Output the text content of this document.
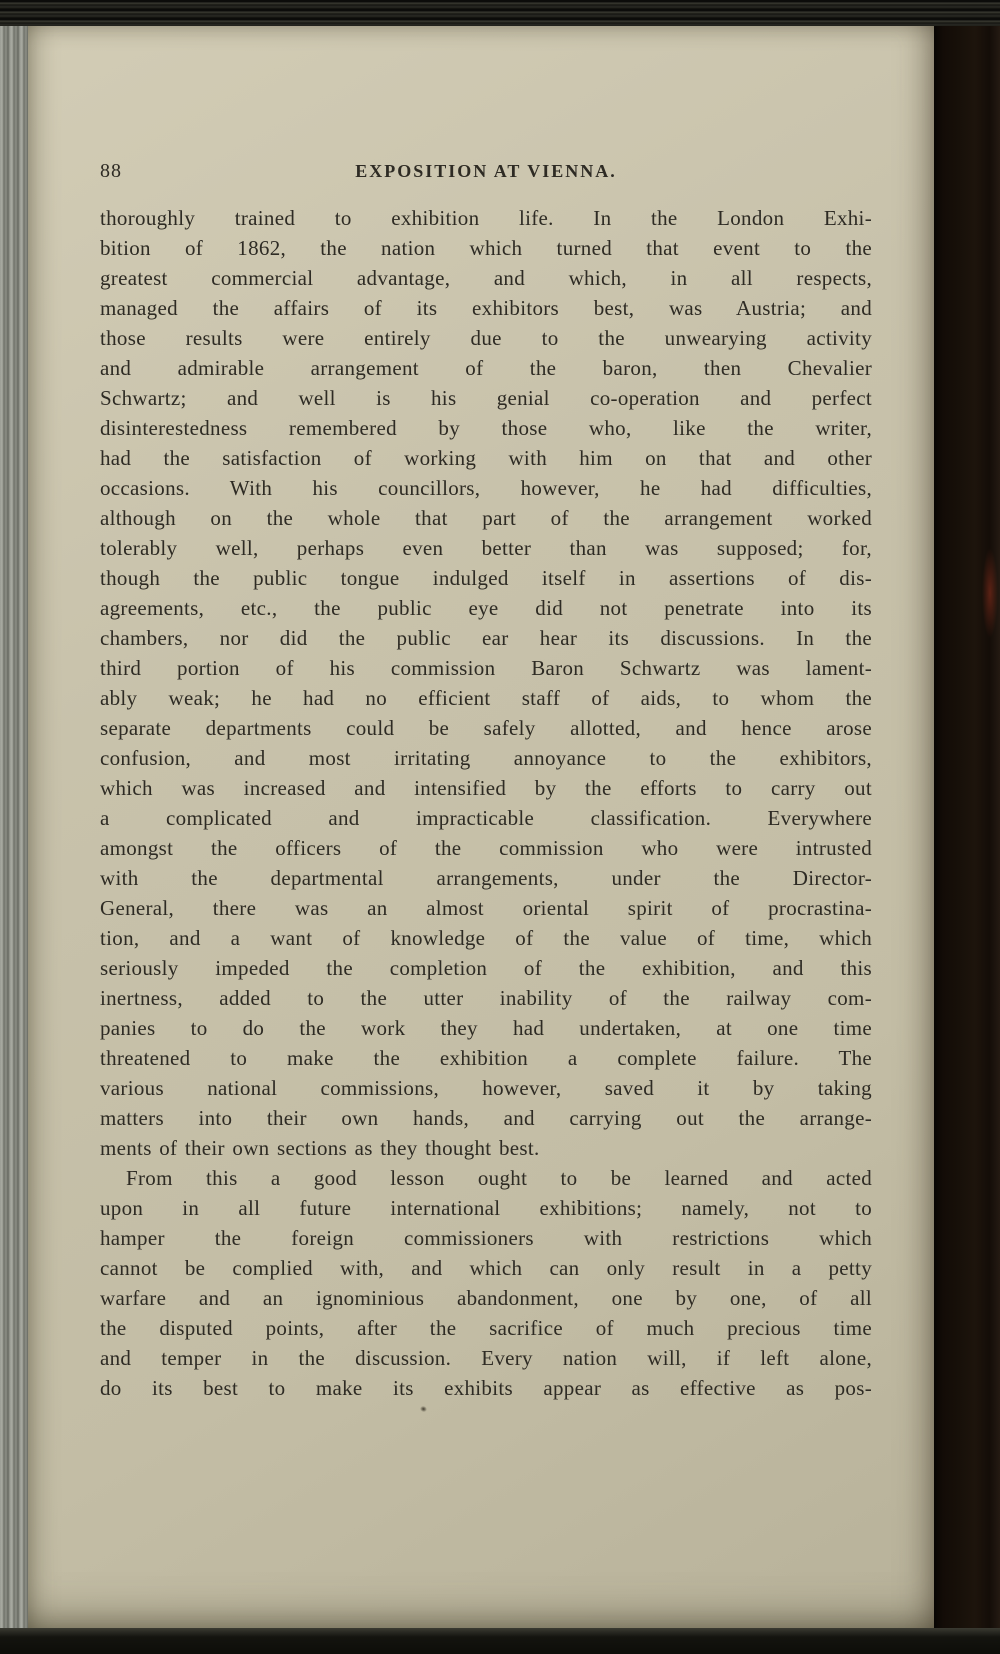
88	EXPOSITION AT VIENNA.
thoroughly trained to exhibition life. In the London Exhi-
bition of 1862, the nation which turned that event to the
greatest commercial advantage, and which, in all respects,
managed the affairs of its exhibitors best, was Austria; and
those results were entirely due to the unwearying activity
and admirable arrangement of the baron, then Chevalier
Schwartz; and well is his genial co-operation and perfect
disinterestedness remembered by those who, like the writer,
had the satisfaction of working with him on that and other
occasions. With his councillors, however, he had difficulties,
although on the whole that part of the arrangement worked
tolerably well, perhaps even better than was supposed; for,
though the public tongue indulged itself in assertions of dis-
agreements, etc., the public eye did not penetrate into its
chambers, nor did the public ear hear its discussions. In the
third portion of his commission Baron Schwartz was lament-
ably weak; he had no efficient staff of aids, to whom the
separate departments could be safely allotted, and hence arose
confusion, and most irritating annoyance to the exhibitors,
which was increased and intensified by the efforts to carry out
a complicated and impracticable classification. Everywhere
amongst the officers of the commission who were intrusted
with the departmental arrangements, under the Director-
General, there was an almost oriental spirit of procrastina-
tion, and a want of knowledge of the value of time, which
seriously impeded the completion of the exhibition, and this
inertness, added to the utter inability of the railway com-
panies to do the work they had undertaken, at one time
threatened to make the exhibition a complete failure. The
various national commissions, however, saved it by taking
matters into their own hands, and carrying out the arrange-
ments of their own sections as they thought best.
From this a good lesson ought to be learned and acted
upon in all future international exhibitions; namely, not to
hamper the foreign commissioners with restrictions which
cannot be complied with, and which can only result in a petty
warfare and an ignominious abandonment, one by one, of all
the disputed points, after the sacrifice of much precious time
and temper in the discussion. Every nation will, if left alone,
do its best to make its exhibits appear as effective as pos-
